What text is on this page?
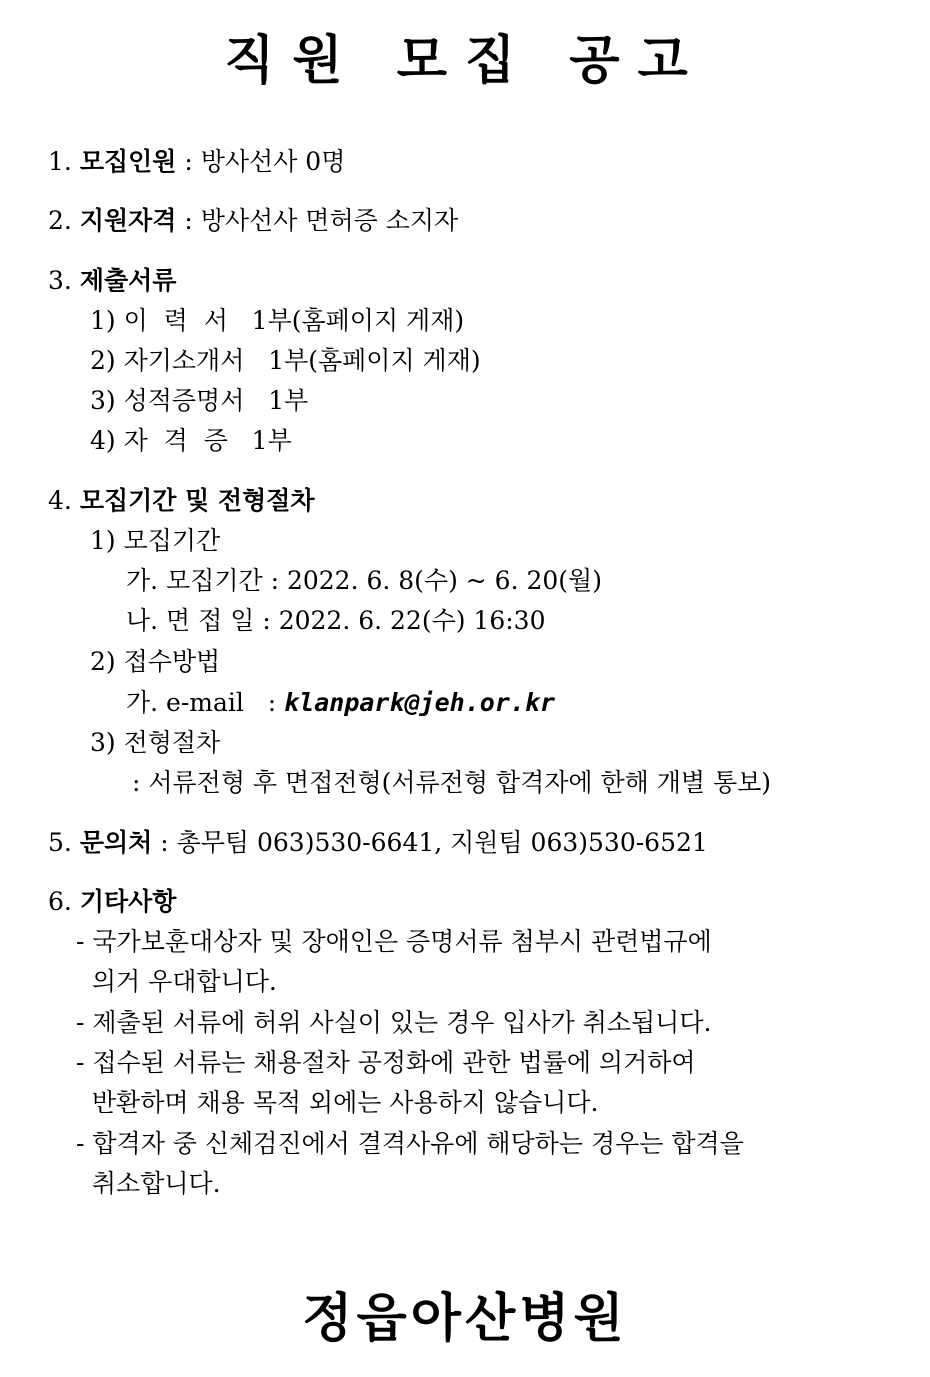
직원 모집 공고
1. 모집인원 : 방사선사 0명
2. 지원자격 : 방사선사 면허증 소지자
3. 제출서류
1) 이  력  서   1부(홈페이지 게재)
2) 자기소개서   1부(홈페이지 게재)
3) 성적증명서   1부
4) 자  격  증   1부
4. 모집기간 및 전형절차
1) 모집기간
가. 모집기간 : 2022. 6. 8(수) ~ 6. 20(월)
나. 면 접 일 : 2022. 6. 22(수) 16:30
2) 접수방법
가. e-mail   : klanpark@jeh.or.kr
3) 전형절차
: 서류전형 후 면접전형(서류전형 합격자에 한해 개별 통보)
5. 문의처 : 총무팀 063)530-6641, 지원팀 063)530-6521
6. 기타사항
- 국가보훈대상자 및 장애인은 증명서류 첨부시 관련법규에
의거 우대합니다.
- 제출된 서류에 허위 사실이 있는 경우 입사가 취소됩니다.
- 접수된 서류는 채용절차 공정화에 관한 법률에 의거하여
반환하며 채용 목적 외에는 사용하지 않습니다.
- 합격자 중 신체검진에서 결격사유에 해당하는 경우는 합격을
취소합니다.
정읍아산병원
